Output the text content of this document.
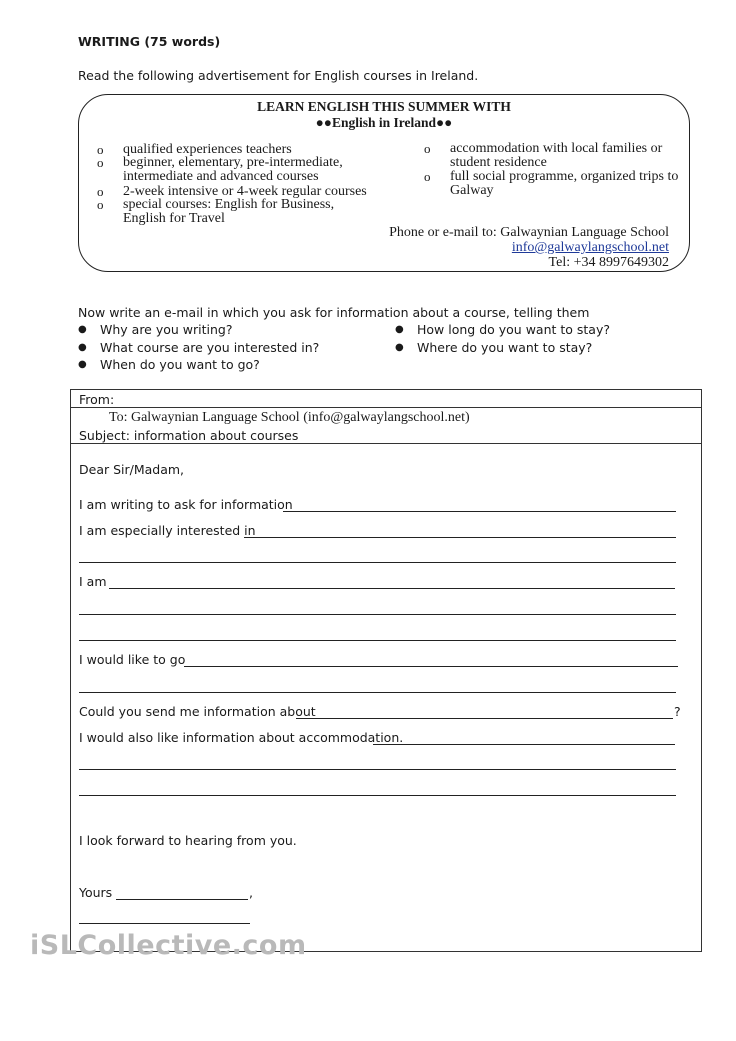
WRITING (75 words)
Read the following advertisement for English courses in Ireland.
LEARN ENGLISH THIS SUMMER WITH
●●English in Ireland●●
o qualified experiences teachers
o beginner, elementary, pre-intermediate,
intermediate and advanced courses
o 2-week intensive or 4-week regular courses
o special courses: English for Business,
English for Travel
o accommodation with local families or
student residence
o full social programme, organized trips to
Galway
Phone or e-mail to: Galwaynian Language School
info@galwaylangschool.net
Tel: +34 8997649302
Now write an e-mail in which you ask for information about a course, telling them
● Why are you writing?
● What course are you interested in?
● When do you want to go?
● How long do you want to stay?
● Where do you want to stay?
From:
To: Galwaynian Language School (info@galwaylangschool.net)
Subject: information about courses
Dear Sir/Madam,
I am writing to ask for information
I am especially interested in
I am
I would like to go
Could you send me information about	?
I would also like information about accommodation.
I look forward to hearing from you.
Yours	,
iSLCollective.com
